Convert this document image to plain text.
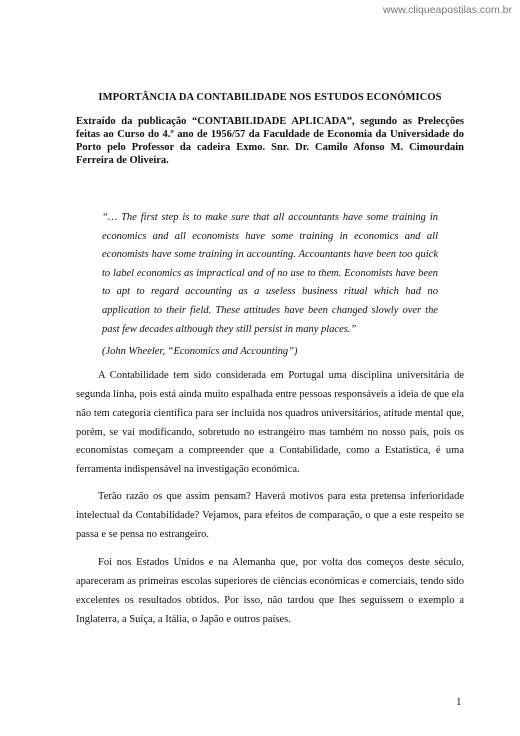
www.cliqueapostilas.com.br
IMPORTÂNCIA DA CONTABILIDADE NOS ESTUDOS ECONÓMICOS

Extraído da publicação “CONTABILIDADE APLICADA”, segundo as Prelecções feitas ao Curso do 4.º ano de 1956/57 da Faculdade de Economia da Universidade do Porto pelo Professor da cadeira Exmo. Snr. Dr. Camilo Afonso M. Cimourdain Ferreira de Oliveira.

“… The first step is to make sure that all accountants have some training in economics and all economists have some training in economics and all economists have some training in accounting. Accountants have been too quick to label economics as impractical and of no use to them. Economists have been to apt to regard accounting as a useless business ritual which had no application to their field. These attitudes have been changed slowly over the past few decades although they still persist in many places.”

(John Wheeler, “Economics and Accounting”)

A Contabilidade tem sido considerada em Portugal uma disciplina universitária de segunda linha, pois está ainda muito espalhada entre pessoas responsáveis a ideia de que ela não tem categoria científica para ser incluída nos quadros universitários, atitude mental que, porém, se vai modificando, sobretudo no estrangeiro mas também no nosso país, pois os economistas começam a compreender que a Contabilidade, como a Estatística, é uma ferramenta indispensável na investigação económica.

Terão razão os que assim pensam? Haverá motivos para esta pretensa inferioridade intelectual da Contabilidade? Vejamos, para efeitos de comparação, o que a este respeito se passa e se pensa no estrangeiro.

Foi nos Estados Unidos e na Alemanha que, por volta dos começos deste século, apareceram as primeiras escolas superiores de ciências económicas e comerciais, tendo sido excelentes os resultados obtidos. Por isso, não tardou que lhes seguissem o exemplo a Inglaterra, a Suíça, a Itália, o Japão e outros países.

1
